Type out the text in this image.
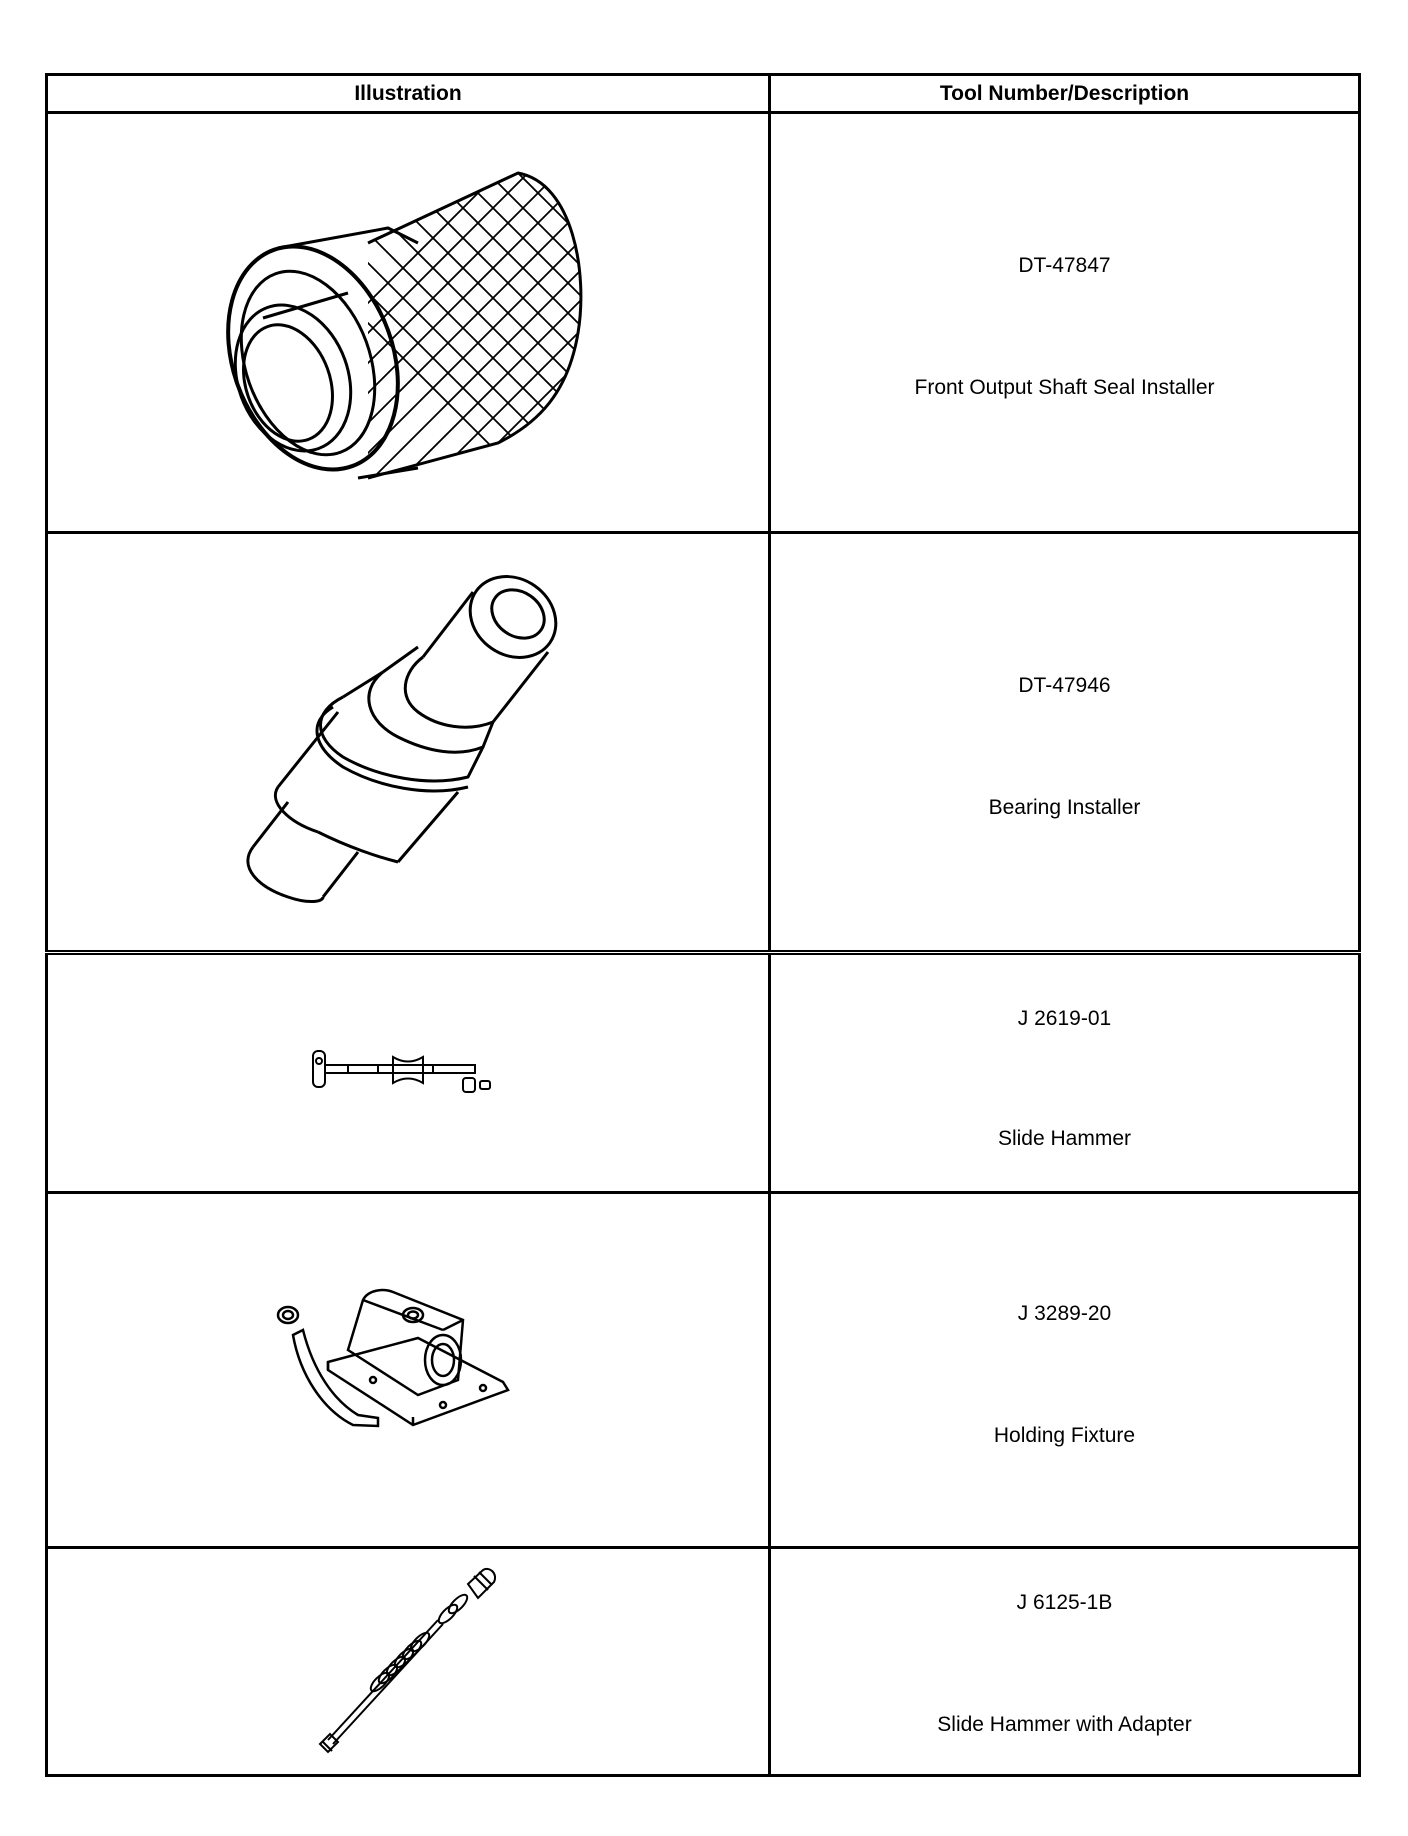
Illustration	Tool Number/Description

DT-47847
Front Output Shaft Seal Installer

DT-47946
Bearing Installer

J 2619-01
Slide Hammer

J 3289-20
Holding Fixture

J 6125-1B
Slide Hammer with Adapter
